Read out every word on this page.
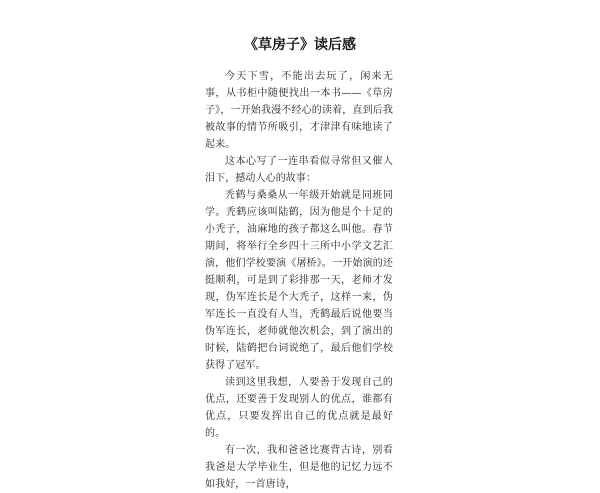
《草房子》读后感

今天下雪，不能出去玩了，闲来无事，从书柜中随便找出一本书——《草房子》，一开始我漫不经心的读着，直到后我被故事的情节所吸引，才津津有味地读了起来。

这本心写了一连串看似寻常但又催人泪下，撼动人心的故事：

秃鹤与桑桑从一年级开始就是同班同学。秃鹤应该叫陆鹤，因为他是个十足的小秃子，油麻地的孩子都这么叫他。春节期间，将举行全乡四十三所中小学文艺汇演，他们学校要演《屠桥》。一开始演的还挺顺利，可是到了彩排那一天，老师才发现，伪军连长是个大秃子，这样一来，伪军连长一直没有人当，秃鹤最后说他要当伪军连长，老师就他次机会，到了演出的时候，陆鹤把台词说绝了，最后他们学校获得了冠军。

读到这里我想，人要善于发现自己的优点，还要善于发现别人的优点，谁都有优点，只要发挥出自己的优点就是最好的。

有一次，我和爸爸比赛背古诗，别看我爸是大学毕业生，但是他的记忆力远不如我好，一首唐诗，
